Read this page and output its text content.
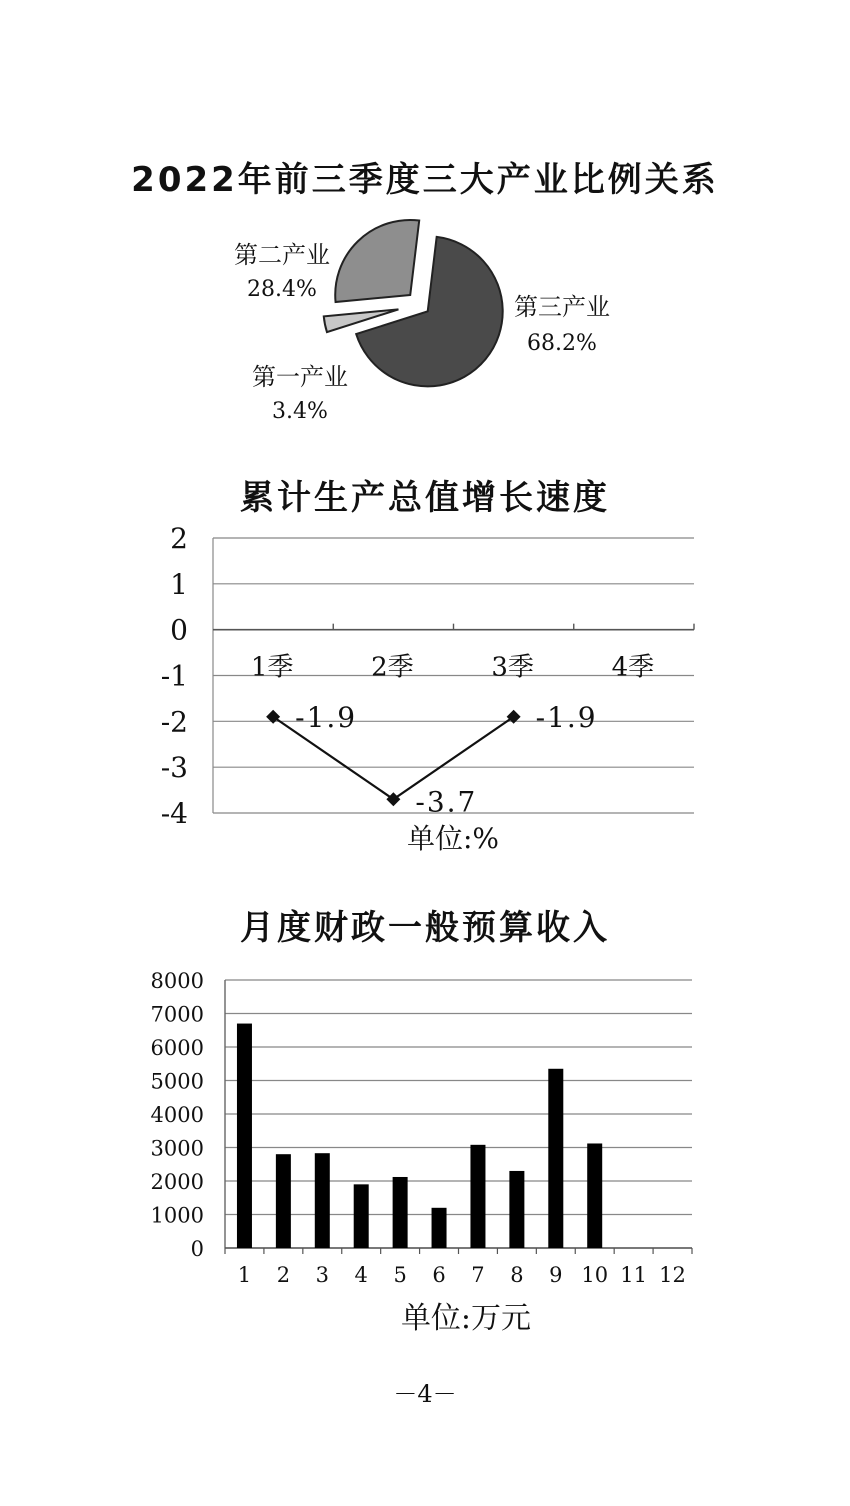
2022年前三季度三大产业比例关系
第三产业
68.2%
第一产业
3.4%
第二产业
28.4%
累计生产总值增长速度
2
1
0
-1
-2
-3
-4
1季	2季	3季	4季
-1.9
-3.7
-1.9
单位:%
月度财政一般预算收入
8000
7000
6000
5000
4000
3000
2000
1000
0
1 2 3 4 5 6 7 8 9 10 11 12
单位:万元
－4－
